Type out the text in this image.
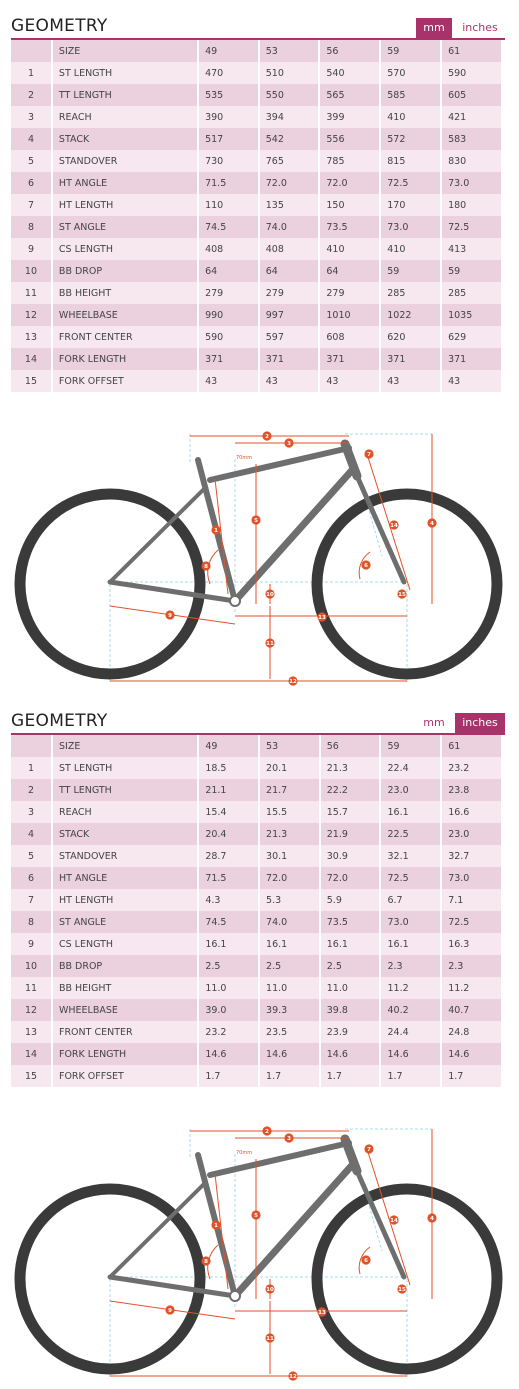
GEOMETRY	mm	inches
	SIZE	49	53	56	59	61
1	ST LENGTH	470	510	540	570	590
2	TT LENGTH	535	550	565	585	605
3	REACH	390	394	399	410	421
4	STACK	517	542	556	572	583
5	STANDOVER	730	765	785	815	830
6	HT ANGLE	71.5	72.0	72.0	72.5	73.0
7	HT LENGTH	110	135	150	170	180
8	ST ANGLE	74.5	74.0	73.5	73.0	72.5
9	CS LENGTH	408	408	410	410	413
10	BB DROP	64	64	64	59	59
11	BB HEIGHT	279	279	279	285	285
12	WHEELBASE	990	997	1010	1022	1035
13	FRONT CENTER	590	597	608	620	629
14	FORK LENGTH	371	371	371	371	371
15	FORK OFFSET	43	43	43	43	43
70mm
1
2
3
4
5
6
7
8
9
10
11
12
13
14
15
GEOMETRY	mm	inches
	SIZE	49	53	56	59	61
1	ST LENGTH	18.5	20.1	21.3	22.4	23.2
2	TT LENGTH	21.1	21.7	22.2	23.0	23.8
3	REACH	15.4	15.5	15.7	16.1	16.6
4	STACK	20.4	21.3	21.9	22.5	23.0
5	STANDOVER	28.7	30.1	30.9	32.1	32.7
6	HT ANGLE	71.5	72.0	72.0	72.5	73.0
7	HT LENGTH	4.3	5.3	5.9	6.7	7.1
8	ST ANGLE	74.5	74.0	73.5	73.0	72.5
9	CS LENGTH	16.1	16.1	16.1	16.1	16.3
10	BB DROP	2.5	2.5	2.5	2.3	2.3
11	BB HEIGHT	11.0	11.0	11.0	11.2	11.2
12	WHEELBASE	39.0	39.3	39.8	40.2	40.7
13	FRONT CENTER	23.2	23.5	23.9	24.4	24.8
14	FORK LENGTH	14.6	14.6	14.6	14.6	14.6
15	FORK OFFSET	1.7	1.7	1.7	1.7	1.7
70mm
1
2
3
4
5
6
7
8
9
10
11
12
13
14
15
